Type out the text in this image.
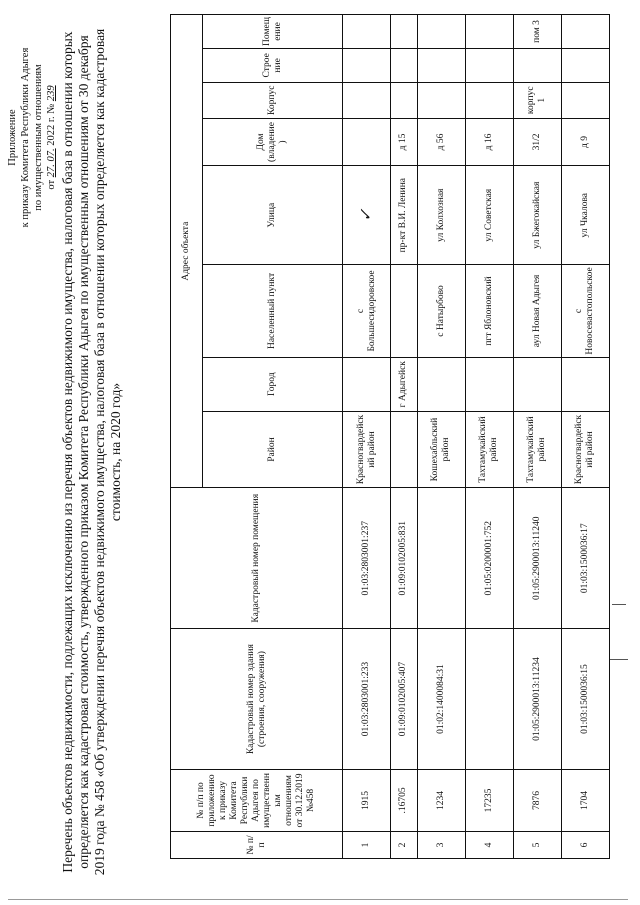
Приложение к приказу Комитета Республики Адыгея по имущественным отношениям от 27. 07. 2022 г. № 239 Перечень объектов недвижимости, подлежащих исключению из перечня объектов недвижимого имущества, налоговая база в отношении которых определяется как кадастровая стоимость, утвержденного приказом Комитета Республики Адыгея по имущественным отношениям от 30 декабря 2019 года № 458 «Об утверждении перечня объектов недвижимого имущества, налоговая база в отношении которых определяется как кадастровая стоимость, на 2020 год»
№ п/п	№ п/п по приложению к приказу Комитета Республики Адыгея по имущественным отношениям от 30.12.2019 №458	Кадастровый номер здания (строения, сооружения)	Кадастровый номер помещения	Адрес объекта							
				Район	Город	Населенный пункт	Улица	Дом (владение)	Корпус	Строение	Помещение
1	1915	01:03:2803001:233	01:03:2803001:237	Красногвардейский район		с Большесидоровское	✓				
2	.16705	01:09:0102005:407	01:09:0102005:831		г Адыгейск		пр-кт В.И. Ленина	д 15			
3	1234	01:02:1400084:31		Кошехабльский район		с Натырбово	ул Колхозная	д 56			
4	17235		01:05:0200001:752	Тахтамукайский район		пгт Яблоновский	ул Советская	д 16			
5	7876	01:05:2900013:11234	01:05:2900013:11240	Тахтамукайский район		аул Новая Адыгея	ул Бжегокайская	31/2	корпус 1		пом 3
6	1704	01:03:1500036:15	01:03:1500036:17	Красногвардейский район		с Новосевастопольское	ул Чкалова	д 9			
